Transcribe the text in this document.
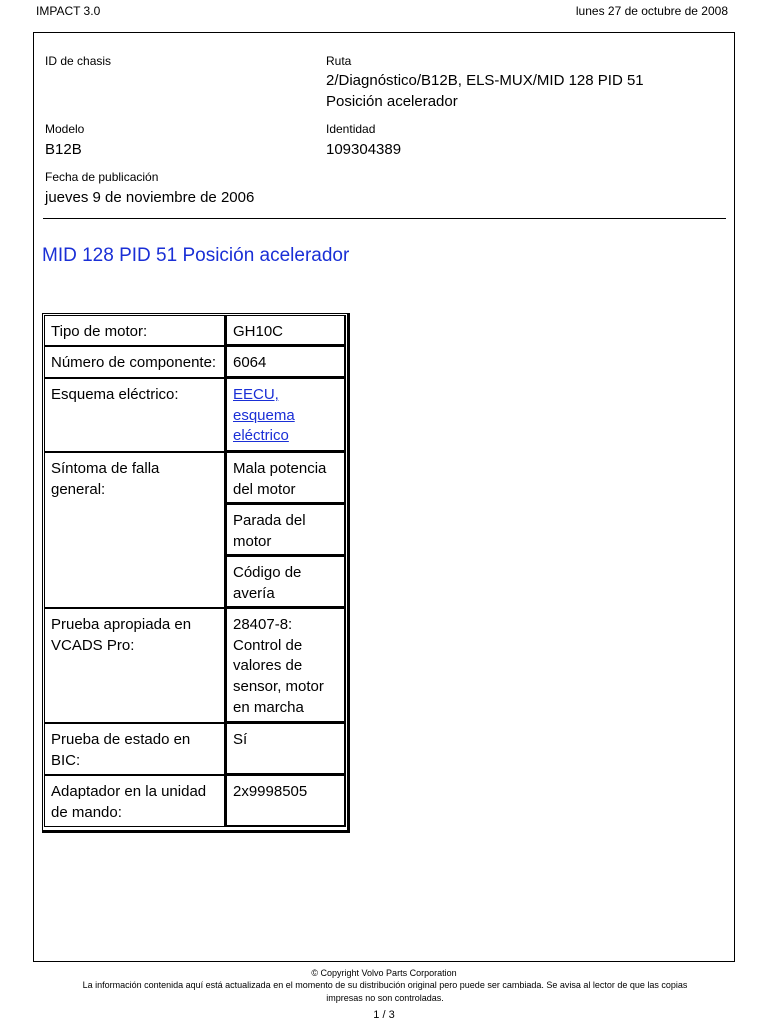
IMPACT 3.0	lunes 27 de octubre de 2008
ID de chasis	Ruta
2/Diagnóstico/B12B, ELS-MUX/MID 128 PID 51
Posición acelerador
Modelo
B12B
Identidad
109304389
Fecha de publicación
jueves 9 de noviembre de 2006
MID 128 PID 51 Posición acelerador
Tipo de motor:	GH10C
Número de componente:	6064
Esquema eléctrico:	EECU,
esquema
eléctrico
Síntoma de falla
general:	Mala potencia
del motor
	Parada del
motor
	Código de
avería
Prueba apropiada en
VCADS Pro:	28407-8:
Control de
valores de
sensor, motor
en marcha
Prueba de estado en
BIC:	Sí
Adaptador en la unidad
de mando:	2x9998505
© Copyright Volvo Parts Corporation
La información contenida aquí está actualizada en el momento de su distribución original pero puede ser cambiada. Se avisa al lector de que las copias
impresas no son controladas.
1 / 3
